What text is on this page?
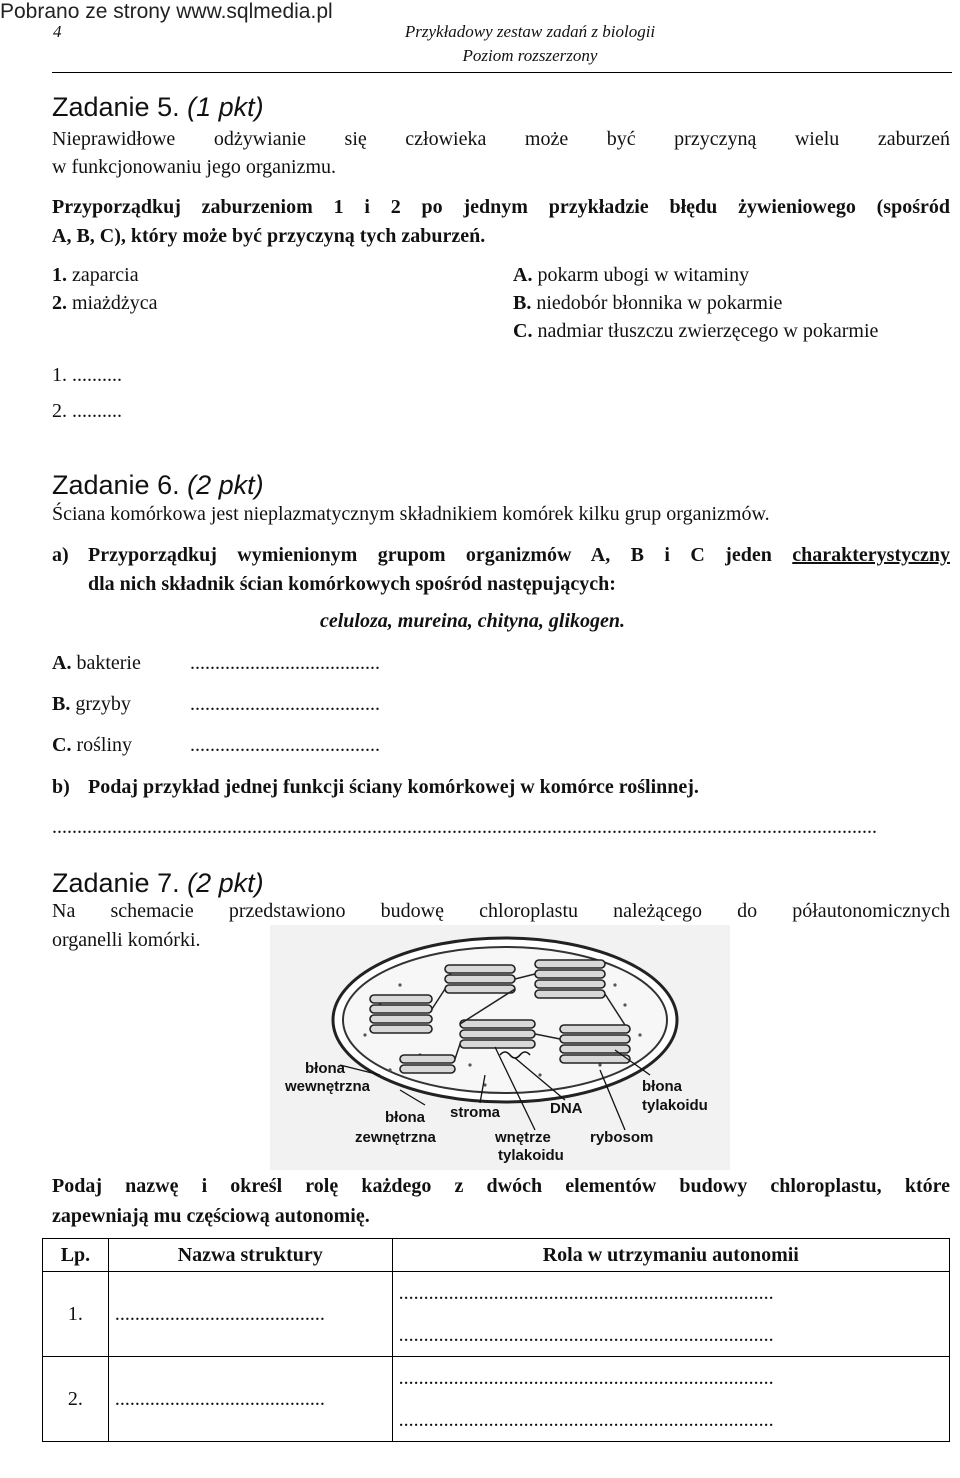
Pobrano ze strony www.sqlmedia.pl
4	Przykładowy zestaw zadań z biologii
Poziom rozszerzony
Zadanie 5. (1 pkt)
Nieprawidłowe odżywianie się człowieka może być przyczyną wielu zaburzeń
w funkcjonowaniu jego organizmu.
Przyporządkuj zaburzeniom 1 i 2 po jednym przykładzie błędu żywieniowego (spośród
A, B, C), który może być przyczyną tych zaburzeń.
1. zaparcia
2. miażdżyca
A. pokarm ubogi w witaminy
B. niedobór błonnika w pokarmie
C. nadmiar tłuszczu zwierzęcego w pokarmie
1. ..........
2. ..........
Zadanie 6. (2 pkt)
Ściana komórkowa jest nieplazmatycznym składnikiem komórek kilku grup organizmów.
a) Przyporządkuj wymienionym grupom organizmów A, B i C jeden charakterystyczny
dla nich składnik ścian komórkowych spośród następujących:
celuloza, mureina, chityna, glikogen.
A. bakterie ......................................
B. grzyby	......................................
C. rośliny	......................................
b) Podaj przykład jednej funkcji ściany komórkowej w komórce roślinnej.
.....................................................................................................................................................................
Zadanie 7. (2 pkt)
Na schemacie przedstawiono budowę chloroplastu należącego do półautonomicznych
organelli komórki.
błona
wewnętrzna
błona
zewnętrzna
stroma	DNA
wnętrze
tylakoidu
rybosom
błona
tylakoidu
Podaj nazwę i określ rolę każdego z dwóch elementów budowy chloroplastu, które
zapewniają mu częściową autonomię.
Lp.	Nazwa struktury	Rola w utrzymaniu autonomii
1.	..........................................	...........................................................................
...........................................................................

2.	..........................................	...........................................................................
...........................................................................
